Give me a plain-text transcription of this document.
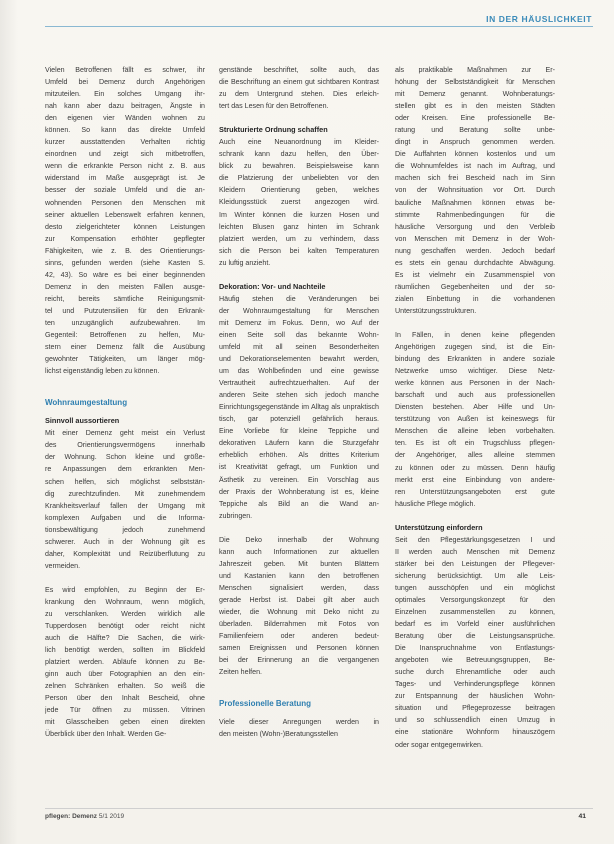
IN DER HÄUSLICHKEIT
Vielen Betroffenen fällt es schwer, ihr
Umfeld bei Demenz durch Angehörigen
mitzuteilen. Ein solches Umgang ihr-
nah kann aber dazu beitragen, Ängste in
den eigenen vier Wänden wohnen zu
können. So kann das direkte Umfeld
kurzer ausstattenden Verhalten richtig
einordnen und zeigt sich mitbetroffen,
wenn die erkrankte Person nicht z. B. aus
widerstand im Maße ausgeprägt ist. Je
besser der soziale Umfeld und die an-
wohnenden Personen den Menschen mit
seiner aktuellen Lebenswelt erfahren kennen,
desto zielgerichteter können Leistungen
zur Kompensation erhöhter gepflegter
Fähigkeiten, wie z. B. des Orientierungs-
sinns, gefunden werden (siehe Kasten S.
42, 43). So wäre es bei einer beginnenden
Demenz in den meisten Fällen ausge-
reicht, bereits sämtliche Reinigungsmit-
tel und Putzutensilien für den Erkrank-
ten unzugänglich aufzubewahren. Im
Gegenteil: Betroffenen zu helfen, Mu-
stern einer Demenz fällt die Ausübung
gewohnter Tätigkeiten, um länger mög-
lichst eigenständig leben zu können.
Wohnraumgestaltung
Sinnvoll aussortieren
Mit einer Demenz geht meist ein Verlust
des Orientierungsvermögens innerhalb
der Wohnung. Schon kleine und größe-
re Anpassungen dem erkrankten Men-
schen helfen, sich möglichst selbststän-
dig zurechtzufinden. Mit zunehmendem
Krankheitsverlauf fallen der Umgang mit
komplexen Aufgaben und die Informa-
tionsbewältigung jedoch zunehmend
schwerer. Auch in der Wohnung gilt es
daher, Komplexität und Reizüberflutung zu
vermeiden.
Es wird empfohlen, zu Beginn der Er-
krankung den Wohnraum, wenn möglich,
zu verschlanken. Werden wirklich alle
Tupperdosen benötigt oder reicht nicht
auch die Hälfte? Die Sachen, die wirk-
lich benötigt werden, sollten im Blickfeld
platziert werden. Abläufe können zu Be-
ginn auch über Fotographien an den ein-
zelnen Schränken erhalten. So weiß die
Person über den Inhalt Bescheid, ohne
jede Tür öffnen zu müssen. Vitrinen
mit Glasscheiben geben einen direkten
Überblick über den Inhalt. Werden Ge-
genstände beschriftet, sollte auch, das
die Beschriftung an einem gut sichtbaren Kontrast
zu dem Untergrund stehen. Dies erleich-
tert das Lesen für den Betroffenen.
Strukturierte Ordnung schaffen
Auch eine Neuanordnung im Kleider-
schrank kann dazu helfen, den Über-
blick zu bewahren. Beispielsweise kann
die Platzierung der unbeliebten vor den
Kleidern Orientierung geben, welches
Kleidungsstück zuerst angezogen wird.
Im Winter können die kurzen Hosen und
leichten Blusen ganz hinten im Schrank
platziert werden, um zu verhindern, dass
sich die Person bei kalten Temperaturen
zu luftig anzieht.
Dekoration: Vor- und Nachteile
Häufig stehen die Veränderungen bei
der Wohnraumgestaltung für Menschen
mit Demenz im Fokus. Denn, wo Auf der
einen Seite soll das bekannte Wohn-
umfeld mit all seinen Besonderheiten
und Dekorationselementen bewahrt werden,
um das Wohlbefinden und eine gewisse
Vertrautheit aufrechtzuerhalten. Auf der
anderen Seite stehen sich jedoch manche
Einrichtungsgegenstände im Alltag als unpraktisch
tisch, gar potenziell gefährlich heraus.
Eine Vorliebe für kleine Teppiche und
dekorativen Läufern kann die Sturzgefahr
erheblich erhöhen. Als drittes Kriterium
ist Kreativität gefragt, um Funktion und
Ästhetik zu vereinen. Ein Vorschlag aus
der Praxis der Wohnberatung ist es, kleine
Teppiche als Bild an die Wand an-
zubringen.
Die Deko innerhalb der Wohnung
kann auch Informationen zur aktuellen
Jahreszeit geben. Mit bunten Blättern
und Kastanien kann den betroffenen
Menschen signalisiert werden, dass
gerade Herbst ist. Dabei gilt aber auch
wieder, die Wohnung mit Deko nicht zu
überladen. Bilderrahmen mit Fotos von
Familienfeiern oder anderen bedeut-
samen Ereignissen und Personen können
bei der Erinnerung an die vergangenen
Zeiten helfen.
Professionelle Beratung
Viele dieser Anregungen werden in
den meisten (Wohn-)Beratungsstellen
als praktikable Maßnahmen zur Er-
höhung der Selbstständigkeit für Menschen
mit Demenz genannt. Wohnberatungs-
stellen gibt es in den meisten Städten
oder Kreisen. Eine professionelle Be-
ratung und Beratung sollte unbe-
dingt in Anspruch genommen werden.
Die Auffahrten können kostenlos und um
die Wohnumfeldes ist nach im Auftrag, und
machen sich frei Bescheid nach im Sinn
von der Wohnsituation vor Ort. Durch
bauliche Maßnahmen können etwas be-
stimmte Rahmenbedingungen für die
häusliche Versorgung und den Verbleib
von Menschen mit Demenz in der Woh-
nung geschaffen werden. Jedoch bedarf
es stets ein genau durchdachte Abwägung.
Es ist vielmehr ein Zusammenspiel von
räumlichen Gegebenheiten und der so-
zialen Einbettung in die vorhandenen
Unterstützungsstrukturen.
In Fällen, in denen keine pflegenden
Angehörigen zugegen sind, ist die Ein-
bindung des Erkrankten in andere soziale
Netzwerke umso wichtiger. Diese Netz-
werke können aus Personen in der Nach-
barschaft und auch aus professionellen
Diensten bestehen. Aber Hilfe und Un-
terstützung von Außen ist keineswegs für
Menschen die alleine leben vorbehalten.
ten. Es ist oft ein Trugschluss pflegen-
der Angehöriger, alles alleine stemmen
zu können oder zu müssen. Denn häufig
merkt erst eine Einbindung von andere-
ren Unterstützungsangeboten erst gute
häusliche Pflege möglich.
Unterstützung einfordern
Seit den Pflegestärkungsgesetzen I und
II werden auch Menschen mit Demenz
stärker bei den Leistungen der Pflegever-
sicherung berücksichtigt. Um alle Leis-
tungen ausschöpfen und ein möglichst
optimales Versorgungskonzept für den
Einzelnen zusammenstellen zu können,
bedarf es im Vorfeld einer ausführlichen
Beratung über die Leistungsansprüche.
Die Inanspruchnahme von Entlastungs-
angeboten wie Betreuungsgruppen, Be-
suche durch Ehrenamtliche oder auch
Tages- und Verhinderungspflege können
zur Entspannung der häuslichen Wohn-
situation und Pflegeprozesse beitragen
und so schlussendlich einen Umzug in
eine stationäre Wohnform hinauszögern
oder sogar entgegenwirken.
pflegen: Demenz 5/1 2019	41
